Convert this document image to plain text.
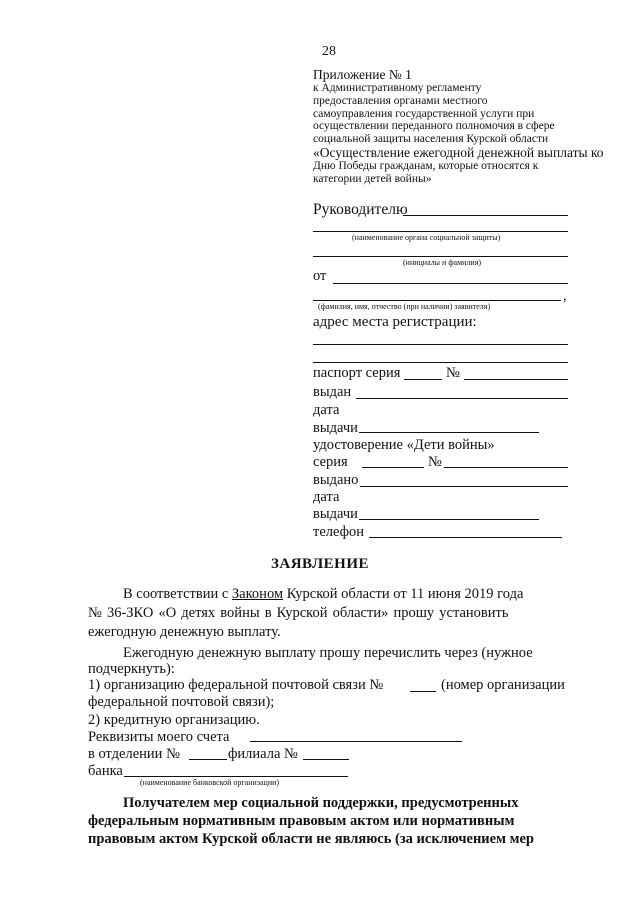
28
Приложение № 1
к Административному регламенту
предоставления органами местного
самоуправления государственной услуги при
осуществлении переданного полномочия в сфере
социальной защиты населения Курской области
«Осуществление ежегодной денежной выплаты ко
Дню Победы гражданам, которые относятся к
категории детей войны»
Руководителю
(наименование органа социальной защиты)
(инициалы и фамилия)
от
,
(фамилия, имя, отчество (при наличии) заявителя)
адрес места регистрации:
паспорт серия	№
выдан
дата
выдачи
удостоверение «Дети войны»
серия	№
выдано
дата
выдачи
телефон
ЗАЯВЛЕНИЕ
В соответствии с Законом Курской области от 11 июня 2019 года
№ 36-ЗКО «О детях войны в Курской области» прошу установить
ежегодную денежную выплату.
Ежегодную денежную выплату прошу перечислить через (нужное
подчеркнуть):
1) организацию федеральной почтовой связи №	(номер организации
федеральной почтовой связи);
2) кредитную организацию.
Реквизиты моего счета
в отделении №	филиала №
банка
(наименование банковской организации)
Получателем мер социальной поддержки, предусмотренных
федеральным нормативным правовым актом или нормативным
правовым актом Курской области не являюсь (за исключением мер
